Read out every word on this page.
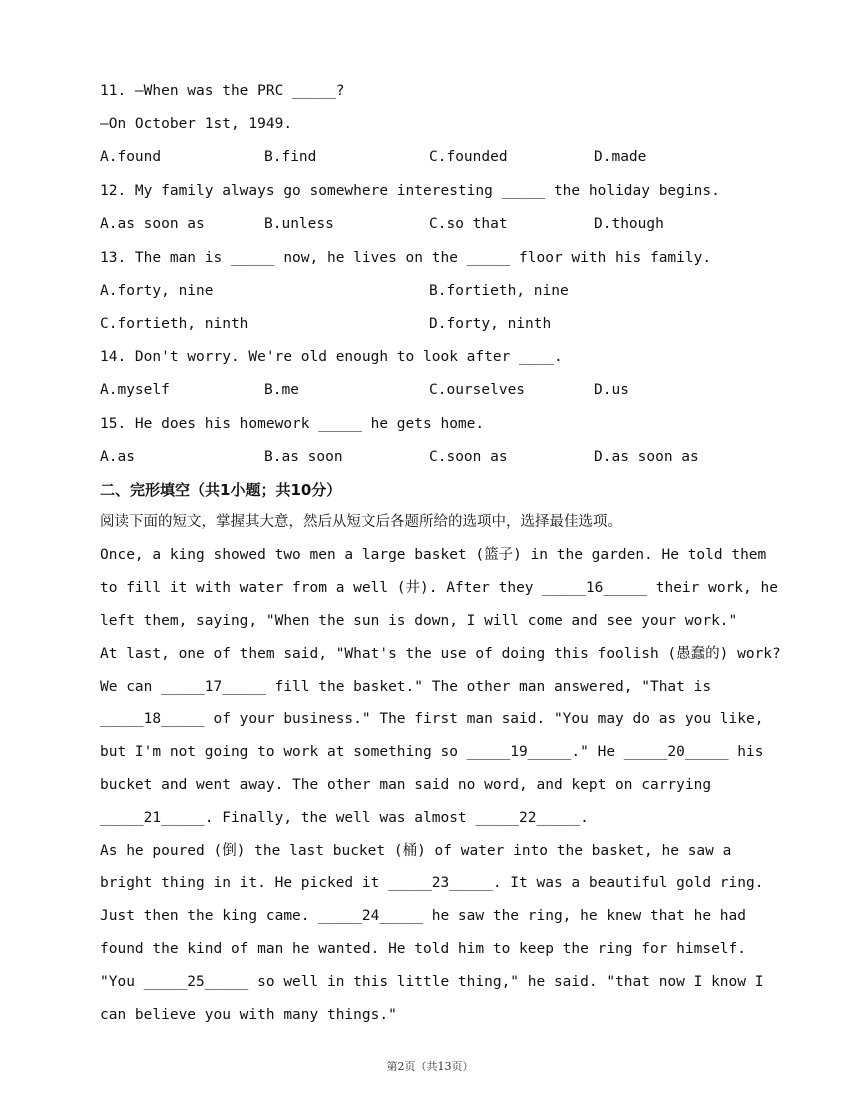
11. —When was the PRC _____?
—On October 1st, 1949.
A.found	B.find	C.founded	D.made
12. My family always go somewhere interesting _____ the holiday begins.
A.as soon as	B.unless	C.so that	D.though
13. The man is _____ now, he lives on the _____ floor with his family.
A.forty, nine	B.fortieth, nine
C.fortieth, ninth	D.forty, ninth
14. Don't worry. We're old enough to look after ____.
A.myself	B.me	C.ourselves	D.us
15. He does his homework _____ he gets home.
A.as	B.as soon	C.soon as	D.as soon as
二、完形填空（共1小题；共10分）
阅读下面的短文，掌握其大意，然后从短文后各题所给的选项中，选择最佳选项。
Once, a king showed two men a large basket (篮子) in the garden. He told them
to fill it with water from a well (井). After they _____16_____ their work, he
left them, saying, "When the sun is down, I will come and see your work."
At last, one of them said, "What's the use of doing this foolish (愚蠢的) work?
We can _____17_____ fill the basket." The other man answered, "That is
_____18_____ of your business." The first man said. "You may do as you like,
but I'm not going to work at something so _____19_____." He _____20_____ his
bucket and went away. The other man said no word, and kept on carrying
_____21_____. Finally, the well was almost _____22_____.
As he poured (倒) the last bucket (桶) of water into the basket, he saw a
bright thing in it. He picked it _____23_____. It was a beautiful gold ring.
Just then the king came. _____24_____ he saw the ring, he knew that he had
found the kind of man he wanted. He told him to keep the ring for himself.
"You _____25_____ so well in this little thing," he said. "that now I know I
can believe you with many things."
第2页（共13页）
